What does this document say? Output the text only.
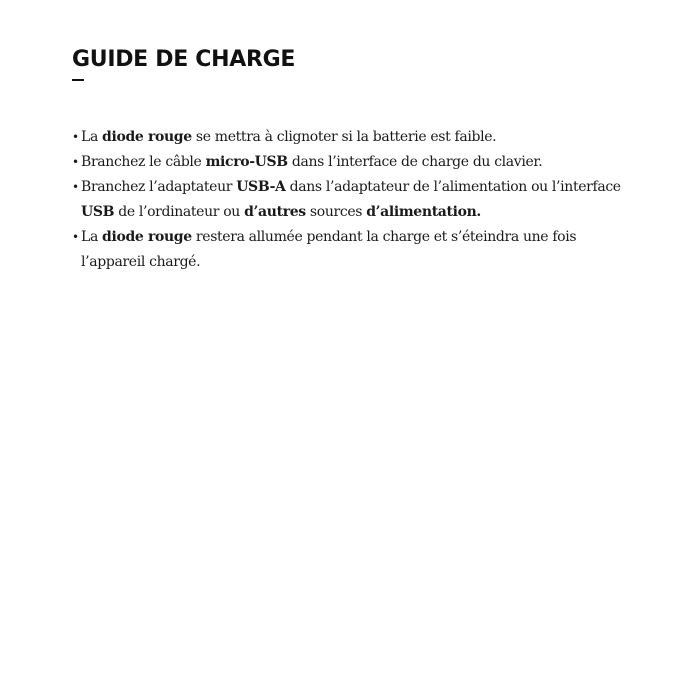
GUIDE DE CHARGE
• La diode rouge se mettra à clignoter si la batterie est faible.
• Branchez le câble micro-USB dans l’interface de charge du clavier.
• Branchez l’adaptateur USB-A dans l’adaptateur de l’alimentation ou l’interface USB de l’ordinateur ou d’autres sources d’alimentation.
• La diode rouge restera allumée pendant la charge et s’éteindra une fois l’appareil chargé.
